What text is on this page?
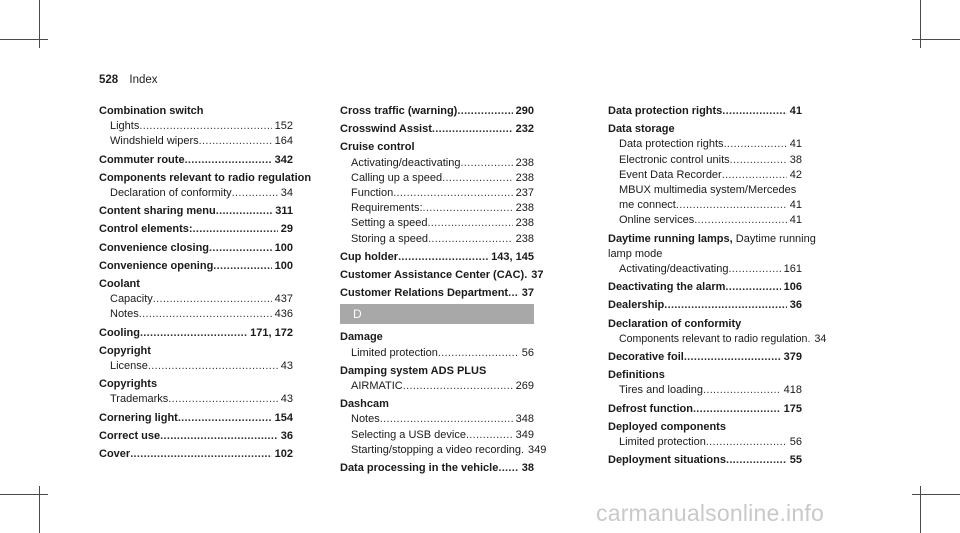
528 Index
Combination switch
Lights .....	152
Windshield wipers .....	164
Commuter route .....	342
Components relevant to radio regulation
Declaration of conformity .....	34
Content sharing menu .....	311
Control elements: .....	29
Convenience closing .....	100
Convenience opening .....	100
Coolant
Capacity .....	437
Notes .....	436
Cooling .....	171, 172
Copyright
License .....	43
Copyrights
Trademarks .....	43
Cornering light .....	154
Correct use .....	36
Cover .....	102
Cross traffic (warning) .....	290
Crosswind Assist .....	232
Cruise control
Activating/deactivating .....	238
Calling up a speed .....	238
Function .....	237
Requirements: .....	238
Setting a speed .....	238
Storing a speed .....	238
Cup holder .....	143, 145
Customer Assistance Center (CAC) ..... 37
Customer Relations Department ..... 37
D
Damage
Limited protection .....	56
Damping system ADS PLUS
AIRMATIC .....	269
Dashcam
Notes .....	348
Selecting a USB device .....	349
Starting/stopping a video recording ..... 349
Data processing in the vehicle ..... 38
Data protection rights .....	41
Data storage
Data protection rights .....	41
Electronic control units .....	38
Event Data Recorder .....	42
MBUX multimedia system/Mercedes
me connect .....	41
Online services .....	41
Daytime running lamps, Daytime running
lamp mode
Activating/deactivating .....	161
Deactivating the alarm .....	106
Dealership .....	36
Declaration of conformity
Components relevant to radio regulation ..... 34
Decorative foil .....	379
Definitions
Tires and loading .....	418
Defrost function .....	175
Deployed components
Limited protection .....	56
Deployment situations .....	55
carmanualsonline.info
